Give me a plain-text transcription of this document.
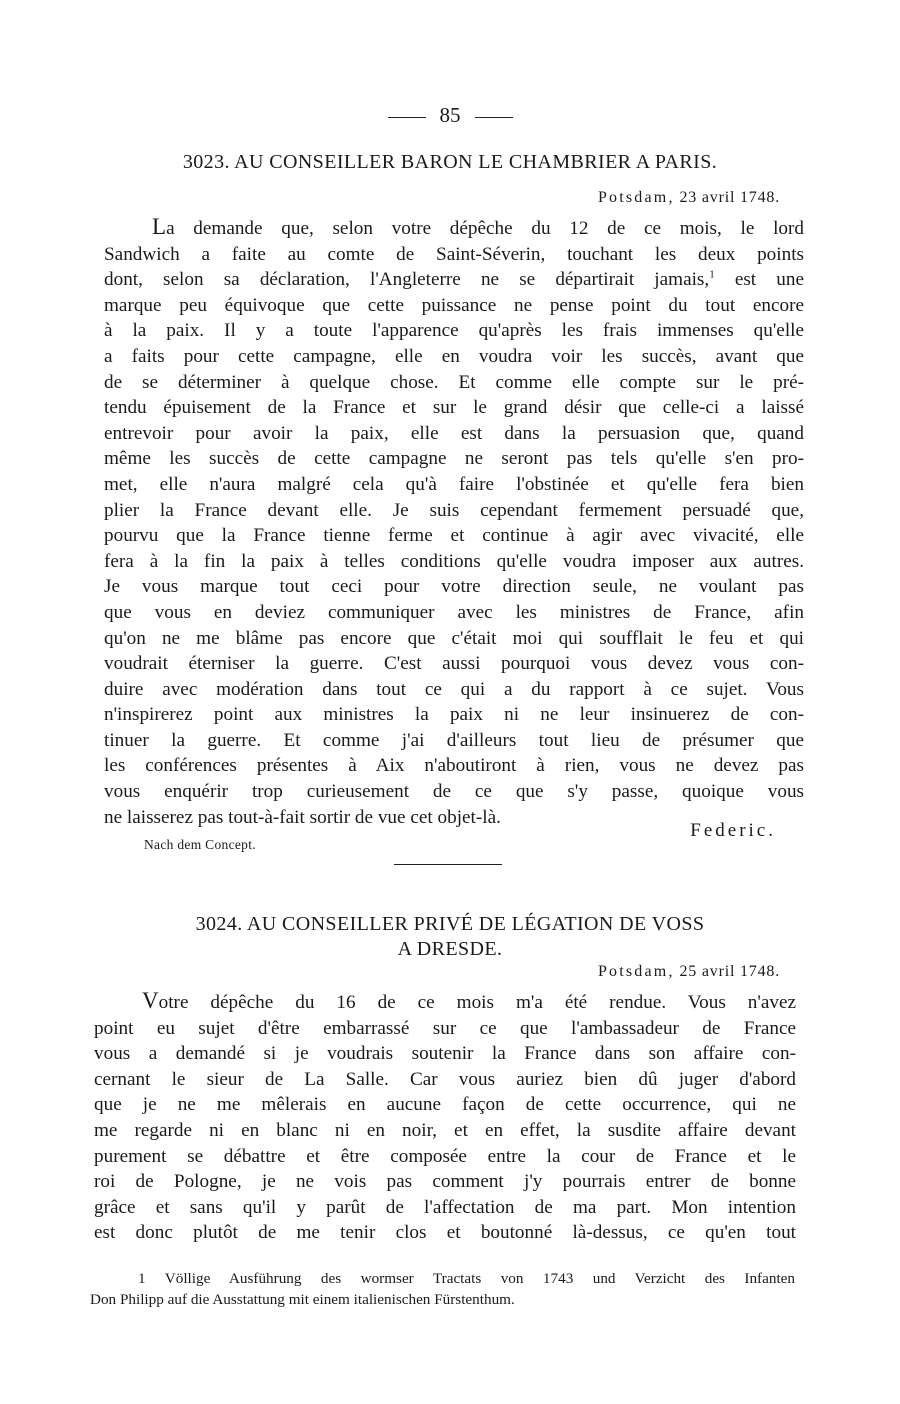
85
3023. AU CONSEILLER BARON LE CHAMBRIER A PARIS.
Potsdam, 23 avril 1748.
La demande que, selon votre dépêche du 12 de ce mois, le lord
Sandwich a faite au comte de Saint-Séverin, touchant les deux points
dont, selon sa déclaration, l'Angleterre ne se départirait jamais,$^1$ est une
marque peu équivoque que cette puissance ne pense point du tout encore
à la paix. Il y a toute l'apparence qu'après les frais immenses qu'elle
a faits pour cette campagne, elle en voudra voir les succès, avant que
de se déterminer à quelque chose. Et comme elle compte sur le pré-
tendu épuisement de la France et sur le grand désir que celle-ci a laissé
entrevoir pour avoir la paix, elle est dans la persuasion que, quand
même les succès de cette campagne ne seront pas tels qu'elle s'en pro-
met, elle n'aura malgré cela qu'à faire l'obstinée et qu'elle fera bien
plier la France devant elle. Je suis cependant fermement persuadé que,
pourvu que la France tienne ferme et continue à agir avec vivacité, elle
fera à la fin la paix à telles conditions qu'elle voudra imposer aux autres.
Je vous marque tout ceci pour votre direction seule, ne voulant pas
que vous en deviez communiquer avec les ministres de France, afin
qu'on ne me blâme pas encore que c'était moi qui soufflait le feu et qui
voudrait éterniser la guerre. C'est aussi pourquoi vous devez vous con-
duire avec modération dans tout ce qui a du rapport à ce sujet. Vous
n'inspirerez point aux ministres la paix ni ne leur insinuerez de con-
tinuer la guerre. Et comme j'ai d'ailleurs tout lieu de présumer que
les conférences présentes à Aix n'aboutiront à rien, vous ne devez pas
vous enquérir trop curieusement de ce que s'y passe, quoique vous
ne laisserez pas tout-à-fait sortir de vue cet objet-là.
Federic.
Nach dem Concept.
3024. AU CONSEILLER PRIVÉ DE LÉGATION DE VOSS
A DRESDE.
Potsdam, 25 avril 1748.
Votre dépêche du 16 de ce mois m'a été rendue. Vous n'avez
point eu sujet d'être embarrassé sur ce que l'ambassadeur de France
vous a demandé si je voudrais soutenir la France dans son affaire con-
cernant le sieur de La Salle. Car vous auriez bien dû juger d'abord
que je ne me mêlerais en aucune façon de cette occurrence, qui ne
me regarde ni en blanc ni en noir, et en effet, la susdite affaire devant
purement se débattre et être composée entre la cour de France et le
roi de Pologne, je ne vois pas comment j'y pourrais entrer de bonne
grâce et sans qu'il y parût de l'affectation de ma part. Mon intention
est donc plutôt de me tenir clos et boutonné là-dessus, ce qu'en tout
1 Völlige Ausführung des wormser Tractats von 1743 und Verzicht des Infanten
Don Philipp auf die Ausstattung mit einem italienischen Fürstenthum.
